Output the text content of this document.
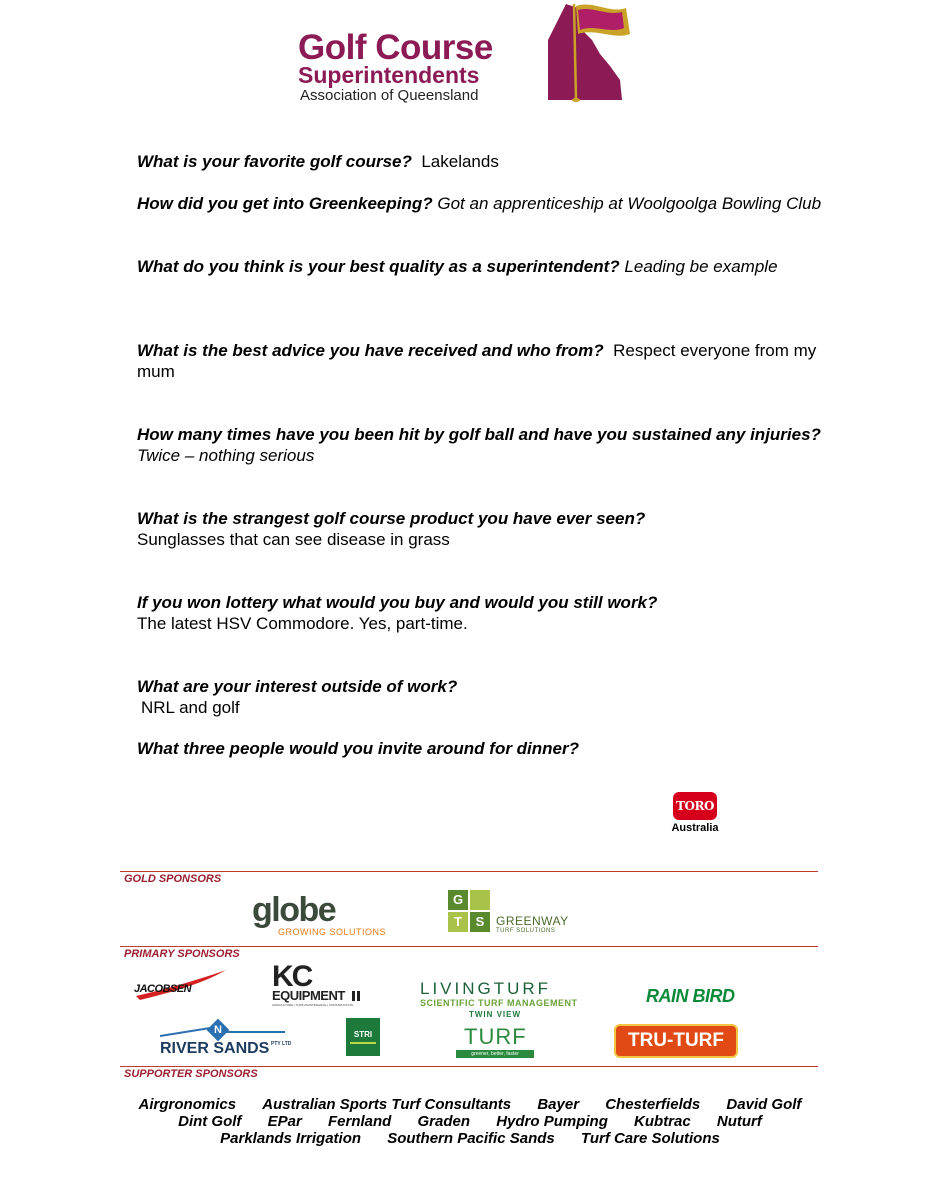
Golf Course
Superintendents
Association of Queensland
What is your favorite golf course? Lakelands
How did you get into Greenkeeping? Got an apprenticeship at Woolgoolga Bowling Club
What do you think is your best quality as a superintendent? Leading be example
What is the best advice you have received and who from? Respect everyone from my mum
How many times have you been hit by golf ball and have you sustained any injuries?  Twice – nothing serious
What is the strangest golf course product you have ever seen?
Sunglasses that can see disease in grass
If you won lottery what would you buy and would you still work?
The latest HSV Commodore. Yes, part-time.
What are your interest outside of work?
NRL and golf
What three people would you invite around for dinner?
TORO
Australia
GOLD SPONSORS
globe
GROWING SOLUTIONS
G
T	S GREENWAY
TURF SOLUTIONS
PRIMARY SPONSORS
JACOBSEN	KC
EQUIPMENT
AGRICULTURE | TURF MAINTENANCE | CONSTRUCTION
LIVINGTURF
SCIENTIFIC TURF MANAGEMENT	RAIN BIRD
N
RIVER SANDS PTY LTD
STRI
TWIN VIEW
TURF
greener, better, faster
TRU-TURF
SUPPORTER SPONSORS
Airgronomics Australian Sports Turf Consultants Bayer Chesterfields David Golf
Dint Golf EPar Fernland Graden Hydro Pumping Kubtrac Nuturf
Parklands Irrigation Southern Pacific Sands Turf Care Solutions
